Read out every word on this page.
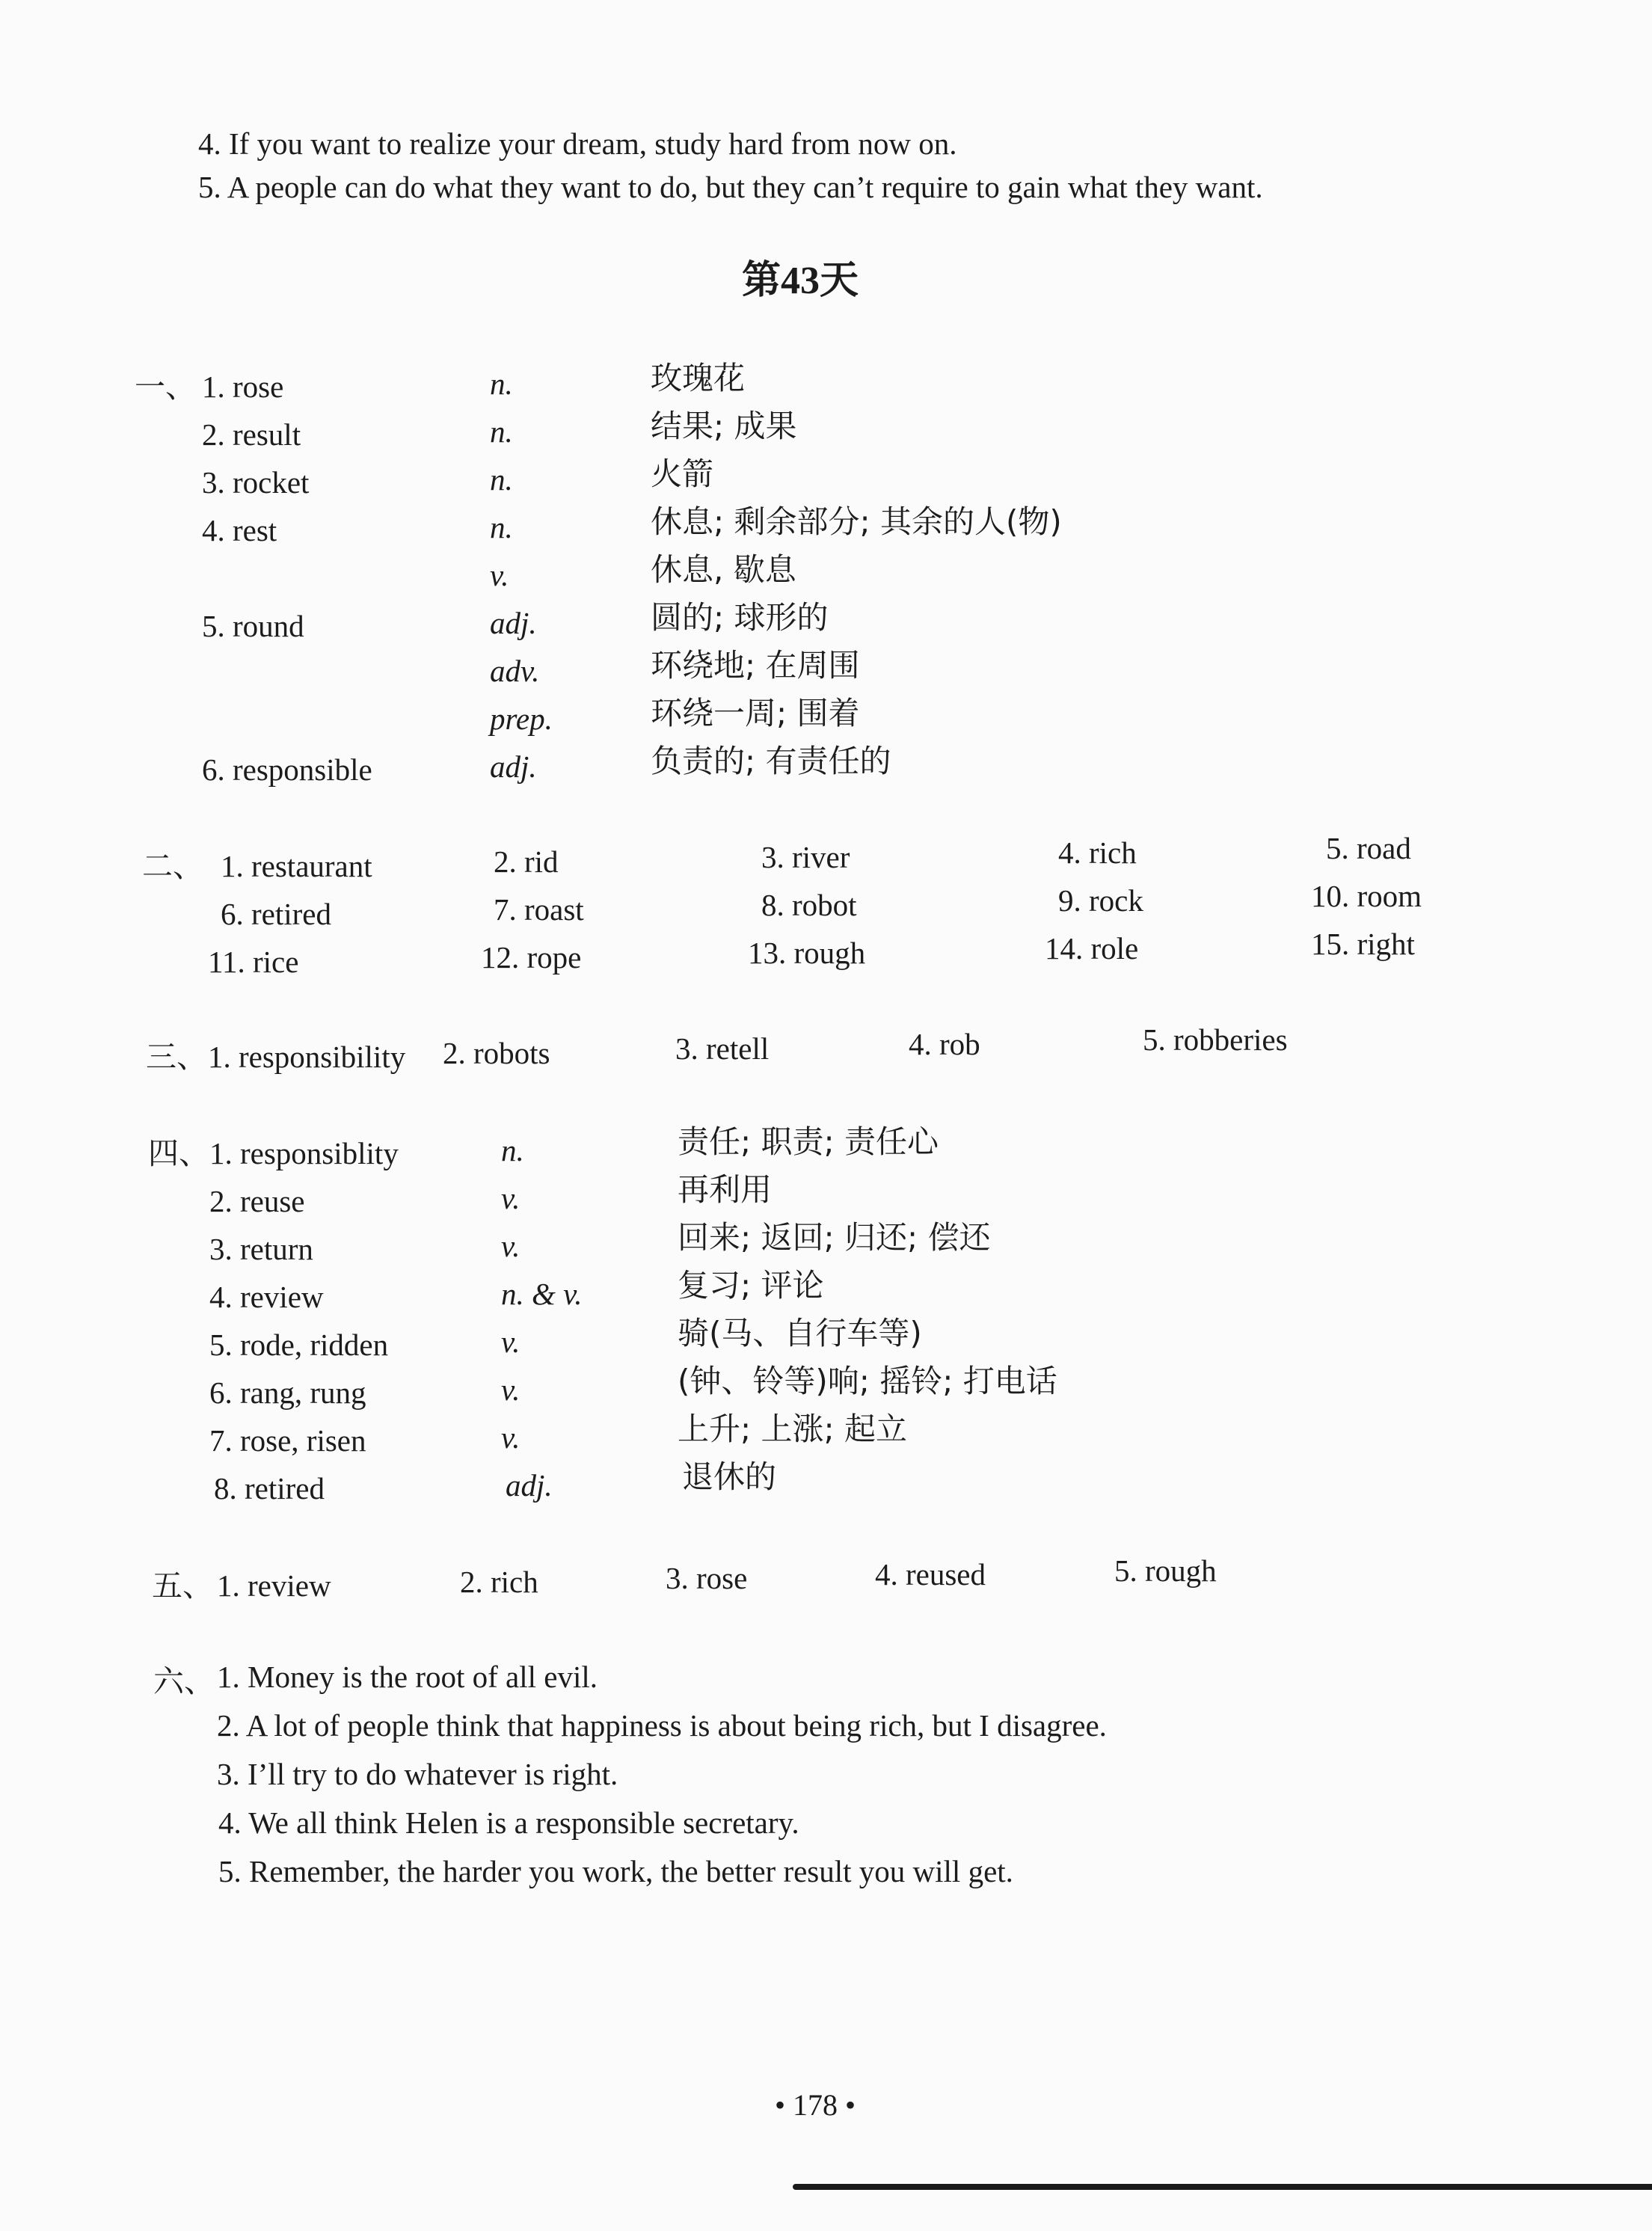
4. If you want to realize your dream, study hard from now on.
5. A people can do what they want to do, but they can’t require to gain what they want.
第43天
一、 1. rose	n.	玫瑰花
2. result	n.	结果; 成果
3. rocket	n.	火箭
4. rest	n.	休息; 剩余部分; 其余的人(物)
v.	休息, 歇息
5. round	adj.	圆的; 球形的
adv.	环绕地; 在周围
prep.	环绕一周; 围着
6. responsible	adj.	负责的; 有责任的
二、 1. restaurant	2. rid	3. river	4. rich	5. road
6. retired	7. roast	8. robot	9. rock	10. room
11. rice	12. rope	13. rough	14. role	15. right
三、 1. responsibility 2. robots	3. retell	4. rob	5. robberies
四、 1. responsiblity	n.	责任; 职责; 责任心
2. reuse	v.	再利用
3. return	v.	回来; 返回; 归还; 偿还
4. review	n. & v.	复习; 评论
5. rode, ridden	v.	骑(马、自行车等)
6. rang, rung	v.	(钟、铃等)响; 摇铃; 打电话
7. rose, risen	v.	上升; 上涨; 起立
8. retired	adj.	退休的
五、 1. review	2. rich	3. rose	4. reused	5. rough
六、 1. Money is the root of all evil.
2. A lot of people think that happiness is about being rich, but I disagree.
3. I’ll try to do whatever is right.
4. We all think Helen is a responsible secretary.
5. Remember, the harder you work, the better result you will get.
• 178 •
